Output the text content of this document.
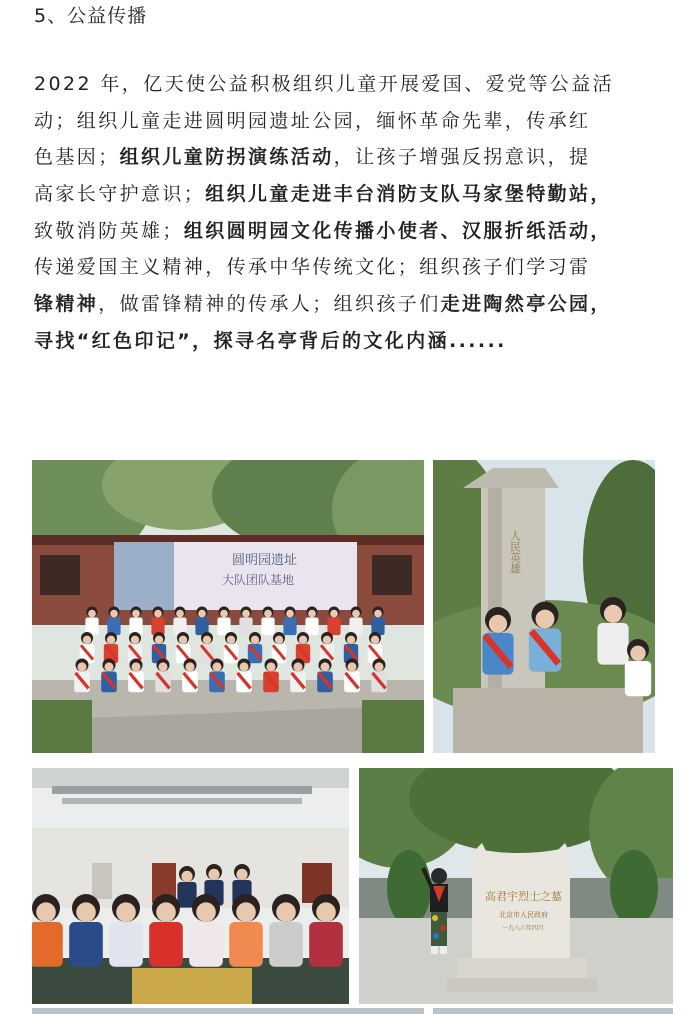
5、公益传播
2022 年，亿天使公益积极组织儿童开展爱国、爱党等公益活
动；组织儿童走进圆明园遗址公园，缅怀革命先辈，传承红
色基因；组织儿童防拐演练活动，让孩子增强反拐意识，提
高家长守护意识；组织儿童走进丰台消防支队马家堡特勤站，
致敬消防英雄；组织圆明园文化传播小使者、汉服折纸活动，
传递爱国主义精神，传承中华传统文化；组织孩子们学习雷
锋精神，做雷锋精神的传承人；组织孩子们走进陶然亭公园，
寻找“红色印记”，探寻名亭背后的文化内涵......
圆明园遗址
大队团队基地
人民英雄
高君宇烈士之墓
北京市人民政府
一九八六年四月
